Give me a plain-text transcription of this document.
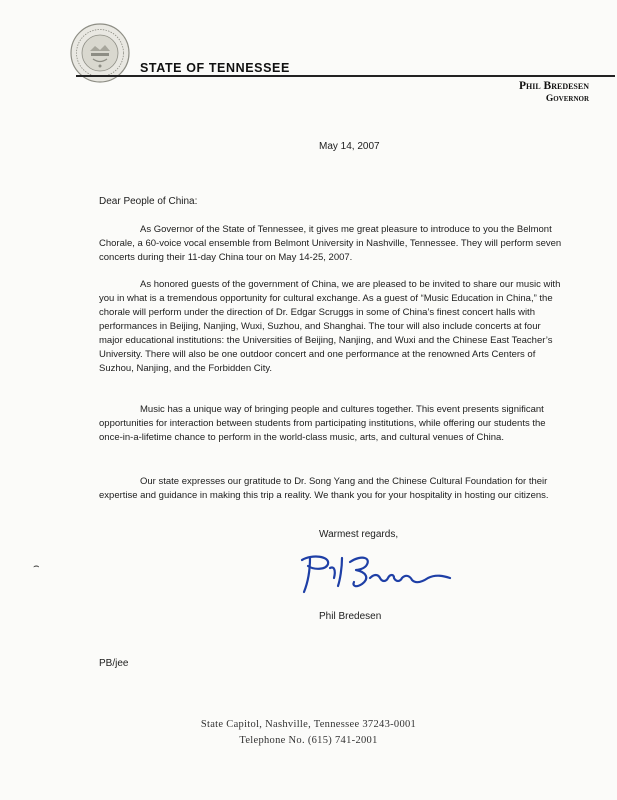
STATE OF TENNESSEE
Phil Bredesen
Governor
May 14, 2007
Dear People of China:

As Governor of the State of Tennessee, it gives me great pleasure to introduce to you the Belmont Chorale, a 60-voice vocal ensemble from Belmont University in Nashville, Tennessee. They will perform seven concerts during their 11-day China tour on May 14-25, 2007.

As honored guests of the government of China, we are pleased to be invited to share our music with you in what is a tremendous opportunity for cultural exchange. As a guest of “Music Education in China,” the chorale will perform under the direction of Dr. Edgar Scruggs in some of China’s finest concert halls with performances in Beijing, Nanjing, Wuxi, Suzhou, and Shanghai. The tour will also include concerts at four major educational institutions: the Universities of Beijing, Nanjing, and Wuxi and the Chinese East Teacher’s University. There will also be one outdoor concert and one performance at the renowned Arts Centers of Suzhou, Nanjing, and the Forbidden City.

Music has a unique way of bringing people and cultures together. This event presents significant opportunities for interaction between students from participating institutions, while offering our students the once-in-a-lifetime chance to perform in the world-class music, arts, and cultural venues of China.

Our state expresses our gratitude to Dr. Song Yang and the Chinese Cultural Foundation for their expertise and guidance in making this trip a reality. We thank you for your hospitality in hosting our citizens.

Warmest regards,
Phil Bredesen
PB/jee
⌢
State Capitol, Nashville, Tennessee 37243-0001
Telephone No. (615) 741-2001
